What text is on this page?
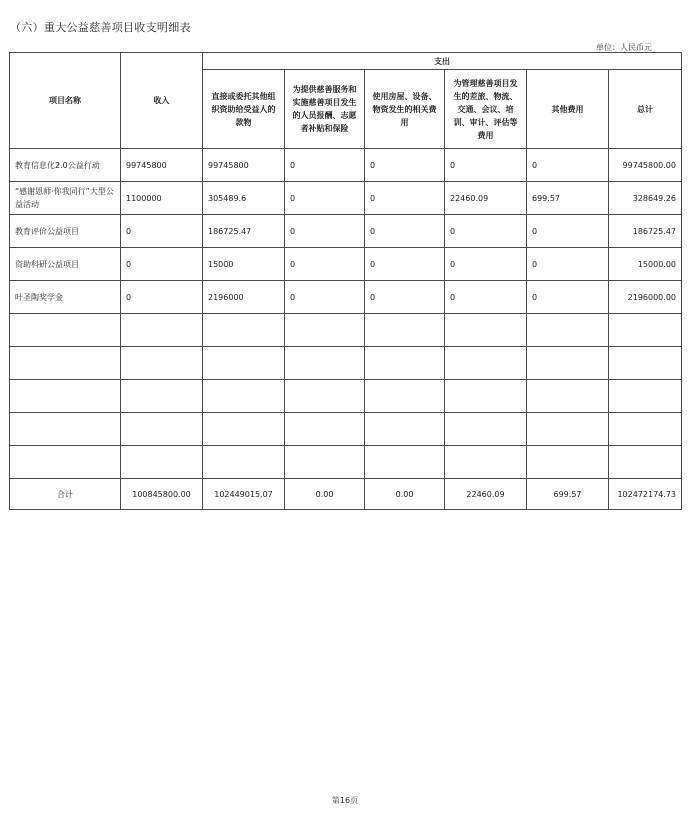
（六）重大公益慈善项目收支明细表
单位：人民币元
项目名称	收入	支出					
		直接或委托其他组织资助给受益人的款物	为提供慈善服务和实施慈善项目发生的人员报酬、志愿者补贴和保险	使用房屋、设备、物资发生的相关费用	为管理慈善项目发生的差旅、物流、交通、会议、培训、审计、评估等费用	其他费用	总计
教育信息化2.0公益行动	99745800	99745800	0	0	0	0	99745800.00
“感谢恩师·你我同行”大型公益活动	1100000	305489.6	0	0	22460.09	699.57	328649.26
教育评价公益项目	0	186725.47	0	0	0	0	186725.47
资助科研公益项目	0	15000	0	0	0	0	15000.00
叶圣陶奖学金	0	2196000	0	0	0	0	2196000.00

合计	100845800.00	102449015.07	0.00	0.00	22460.09	699.57	102472174.73
第16页
